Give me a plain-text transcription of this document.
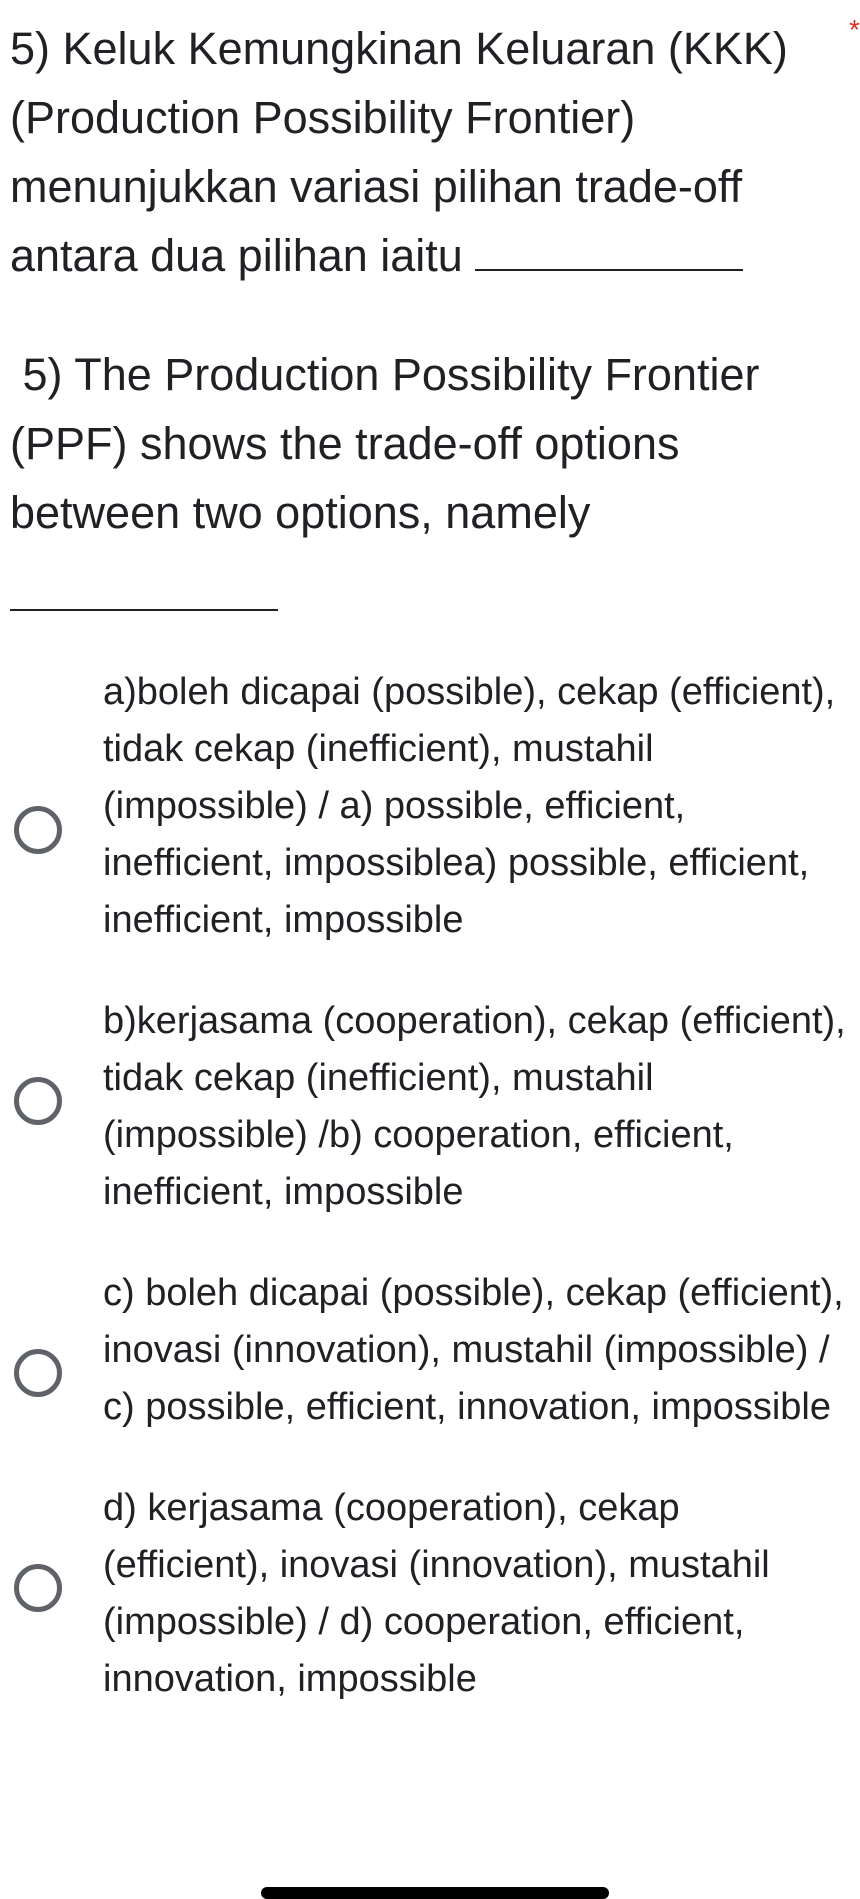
5) Keluk Kemungkinan Keluaran (KKK)
(Production Possibility Frontier)
menunjukkan variasi pilihan trade-off
antara dua pilihan iaitu
5) The Production Possibility Frontier
(PPF) shows the trade-off options
between two options, namely
*
a)boleh dicapai (possible), cekap (efficient), tidak cekap (inefficient), mustahil (impossible) / a) possible, efficient, inefficient, impossiblea) possible, efficient, inefficient, impossible
b)kerjasama (cooperation), cekap (efficient), tidak cekap (inefficient), mustahil (impossible) /b) cooperation, efficient, inefficient, impossible
c) boleh dicapai (possible), cekap (efficient), inovasi (innovation), mustahil (impossible) / c) possible, efficient, innovation, impossible
d) kerjasama (cooperation), cekap (efficient), inovasi (innovation), mustahil (impossible) / d) cooperation, efficient, innovation, impossible
